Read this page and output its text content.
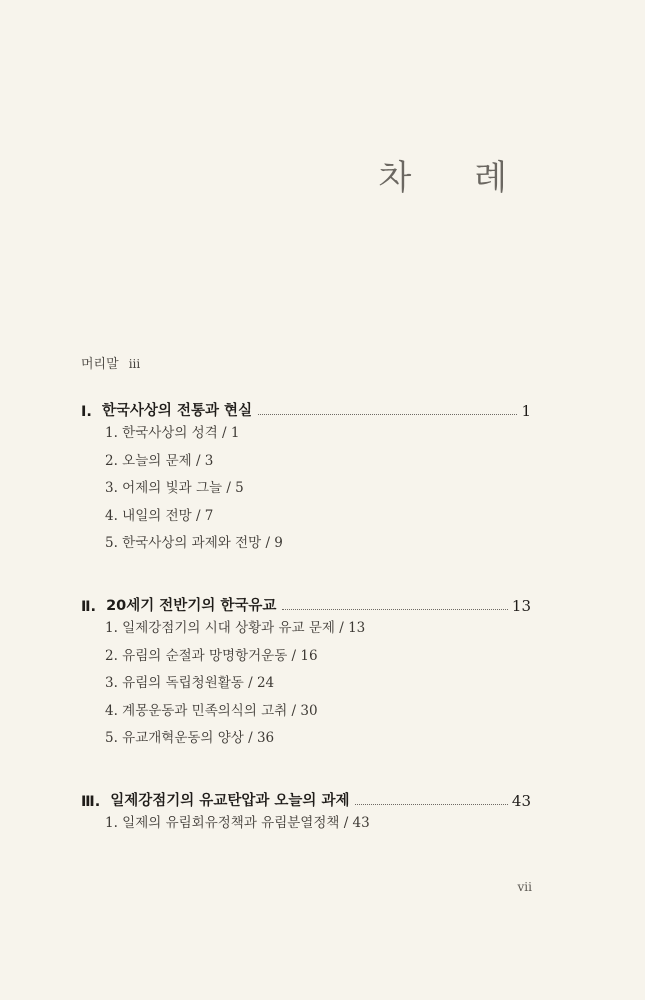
차 례
머리말 iii
Ⅰ. 한국사상의 전통과 현실	1
1. 한국사상의 성격 / 1
2. 오늘의 문제 / 3
3. 어제의 빛과 그늘 / 5
4. 내일의 전망 / 7
5. 한국사상의 과제와 전망 / 9
Ⅱ. 20세기 전반기의 한국유교	13
1. 일제강점기의 시대 상황과 유교 문제 / 13
2. 유림의 순절과 망명항거운동 / 16
3. 유림의 독립청원활동 / 24
4. 계몽운동과 민족의식의 고취 / 30
5. 유교개혁운동의 양상 / 36
Ⅲ. 일제강점기의 유교탄압과 오늘의 과제	43
1. 일제의 유림회유정책과 유림분열정책 / 43
vii
